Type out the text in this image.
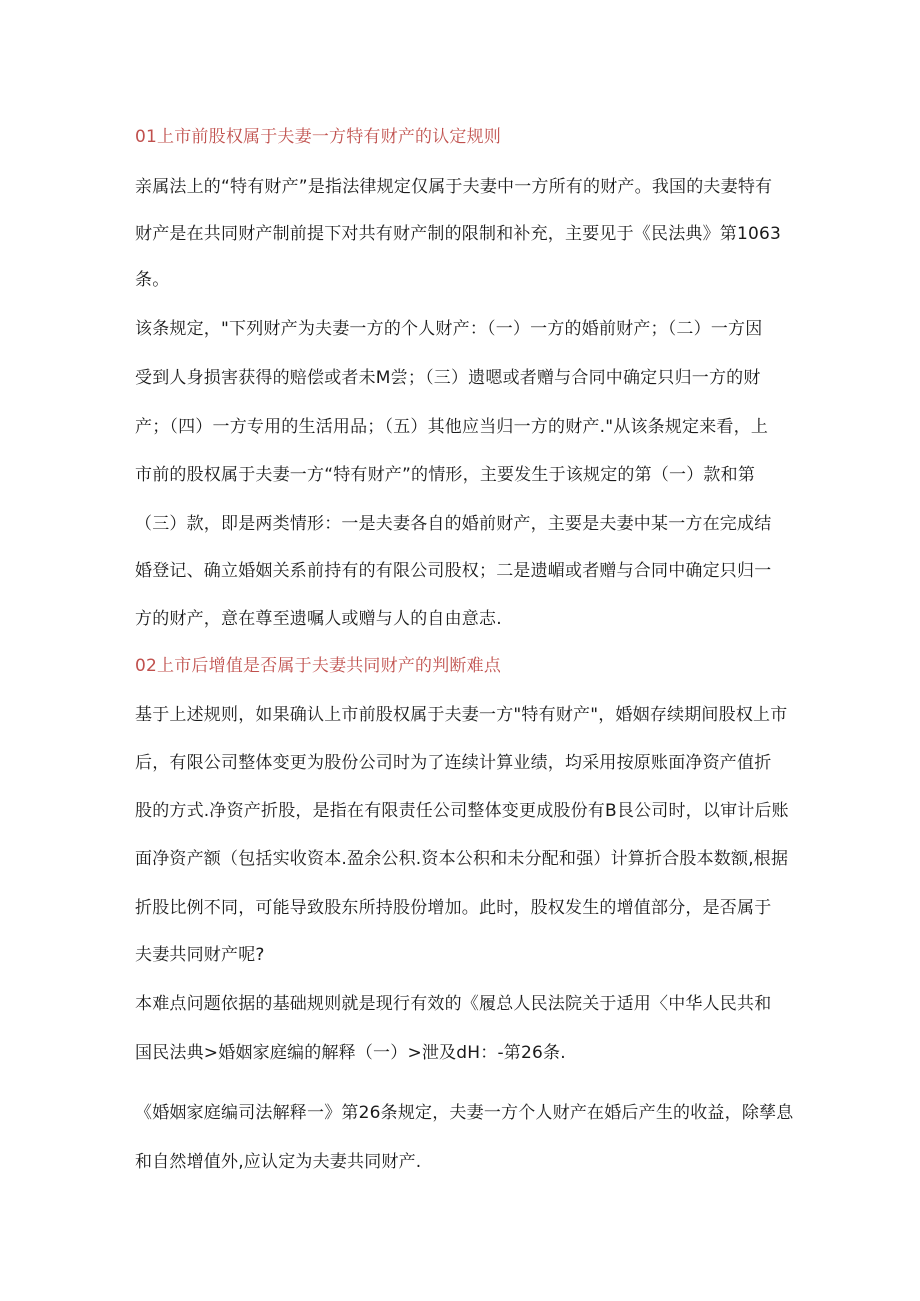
01上市前股权属于夫妻一方特有财产的认定规则
亲属法上的“特有财产”是指法律规定仅属于夫妻中一方所有的财产。我国的夫妻特有
财产是在共同财产制前提下对共有财产制的限制和补充，主要见于《民法典》第1063
条。
该条规定，"下列财产为夫妻一方的个人财产：（一）一方的婚前财产；（二）一方因
受到人身损害获得的赔偿或者未M尝；（三）遗嗯或者赠与合同中确定只归一方的财
产；（四）一方专用的生活用品；（五）其他应当归一方的财产."从该条规定来看，上
市前的股权属于夫妻一方“特有财产”的情形，主要发生于该规定的第（一）款和第
（三）款，即是两类情形：一是夫妻各自的婚前财产，主要是夫妻中某一方在完成结
婚登记、确立婚姻关系前持有的有限公司股权；二是遗嵋或者赠与合同中确定只归一
方的财产，意在尊至遗嘱人或赠与人的自由意志.
02上市后增值是否属于夫妻共同财产的判断难点
基于上述规则，如果确认上市前股权属于夫妻一方"特有财产"，婚姻存续期间股权上市
后，有限公司整体变更为股份公司时为了连续计算业绩，均采用按原账面净资产值折
股的方式.净资产折股，是指在有限责任公司整体变更成股份有B艮公司时，以审计后账
面净资产额（包括实收资本.盈余公积.资本公积和未分配和强）计算折合股本数额,根据
折股比例不同，可能导致股东所持股份增加。此时，股权发生的增值部分，是否属于
夫妻共同财产呢?
本难点问题依据的基础规则就是现行有效的《履总人民法院关于适用〈中华人民共和
国民法典>婚姻家庭编的解释（一）>泄及dH：-第26条.
《婚姻家庭编司法解释一》第26条规定，夫妻一方个人财产在婚后产生的收益，除孳息
和自然增值外,应认定为夫妻共同财产.
